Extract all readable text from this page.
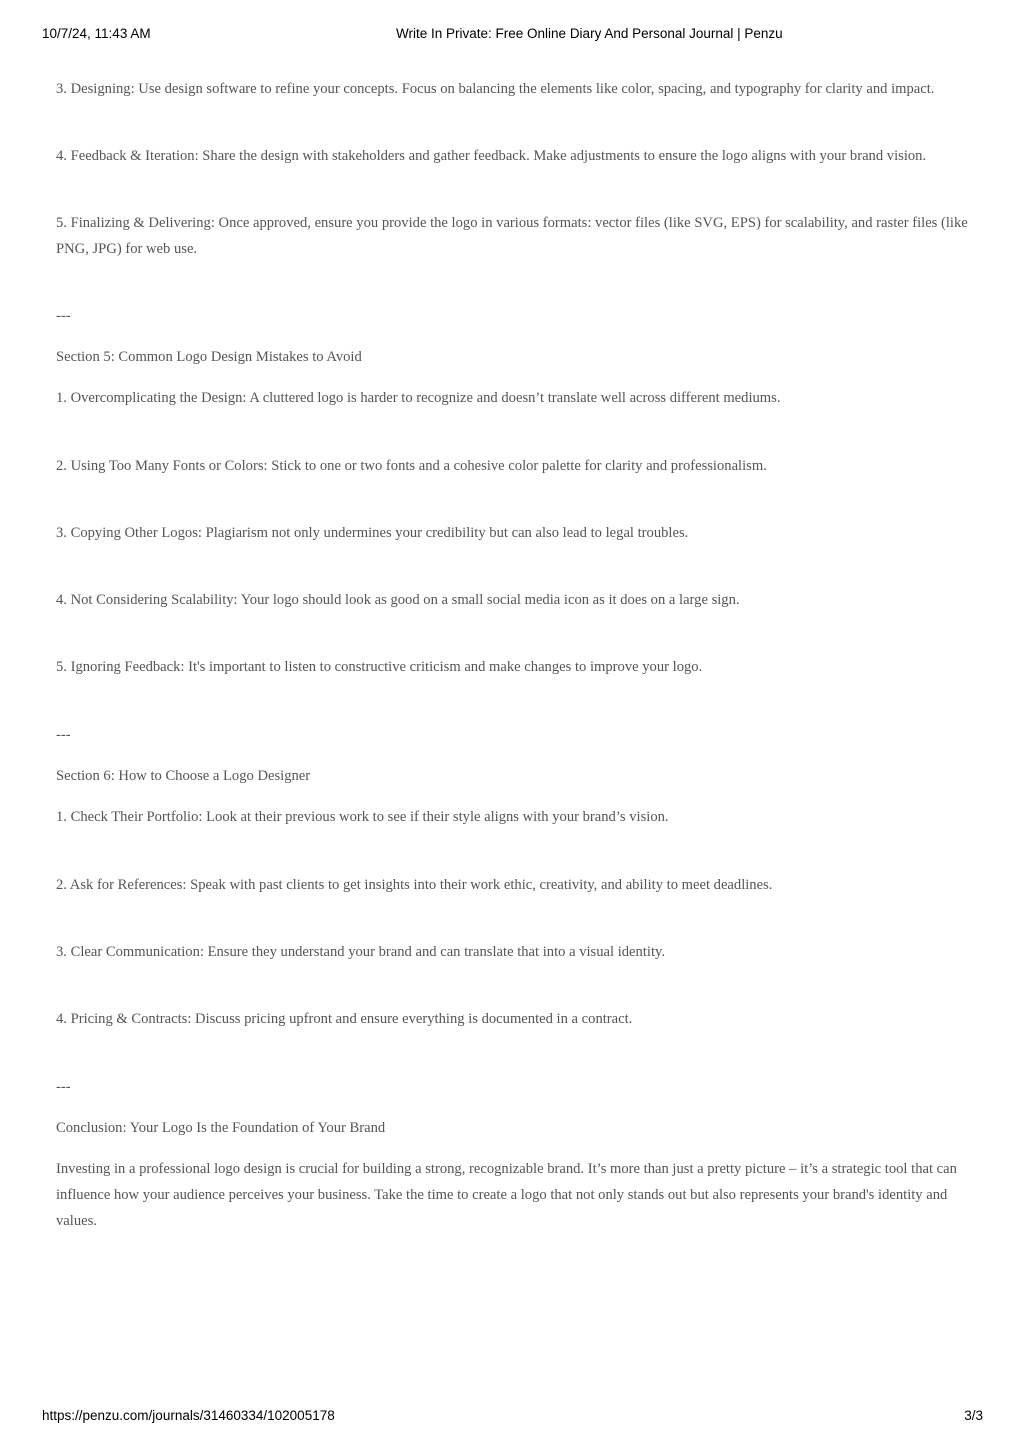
10/7/24, 11:43 AM	Write In Private: Free Online Diary And Personal Journal | Penzu

3. Designing: Use design software to refine your concepts. Focus on balancing the elements like color, spacing, and typography for clarity and impact.

4. Feedback & Iteration: Share the design with stakeholders and gather feedback. Make adjustments to ensure the logo aligns with your brand vision.

5. Finalizing & Delivering: Once approved, ensure you provide the logo in various formats: vector files (like SVG, EPS) for scalability, and raster files (like PNG, JPG) for web use.

---

Section 5: Common Logo Design Mistakes to Avoid

1. Overcomplicating the Design: A cluttered logo is harder to recognize and doesn’t translate well across different mediums.

2. Using Too Many Fonts or Colors: Stick to one or two fonts and a cohesive color palette for clarity and professionalism.

3. Copying Other Logos: Plagiarism not only undermines your credibility but can also lead to legal troubles.

4. Not Considering Scalability: Your logo should look as good on a small social media icon as it does on a large sign.

5. Ignoring Feedback: It's important to listen to constructive criticism and make changes to improve your logo.

---

Section 6: How to Choose a Logo Designer

1. Check Their Portfolio: Look at their previous work to see if their style aligns with your brand’s vision.

2. Ask for References: Speak with past clients to get insights into their work ethic, creativity, and ability to meet deadlines.

3. Clear Communication: Ensure they understand your brand and can translate that into a visual identity.

4. Pricing & Contracts: Discuss pricing upfront and ensure everything is documented in a contract.

---

Conclusion: Your Logo Is the Foundation of Your Brand

Investing in a professional logo design is crucial for building a strong, recognizable brand. It’s more than just a pretty picture – it’s a strategic tool that can influence how your audience perceives your business. Take the time to create a logo that not only stands out but also represents your brand's identity and values.

https://penzu.com/journals/31460334/102005178	3/3
